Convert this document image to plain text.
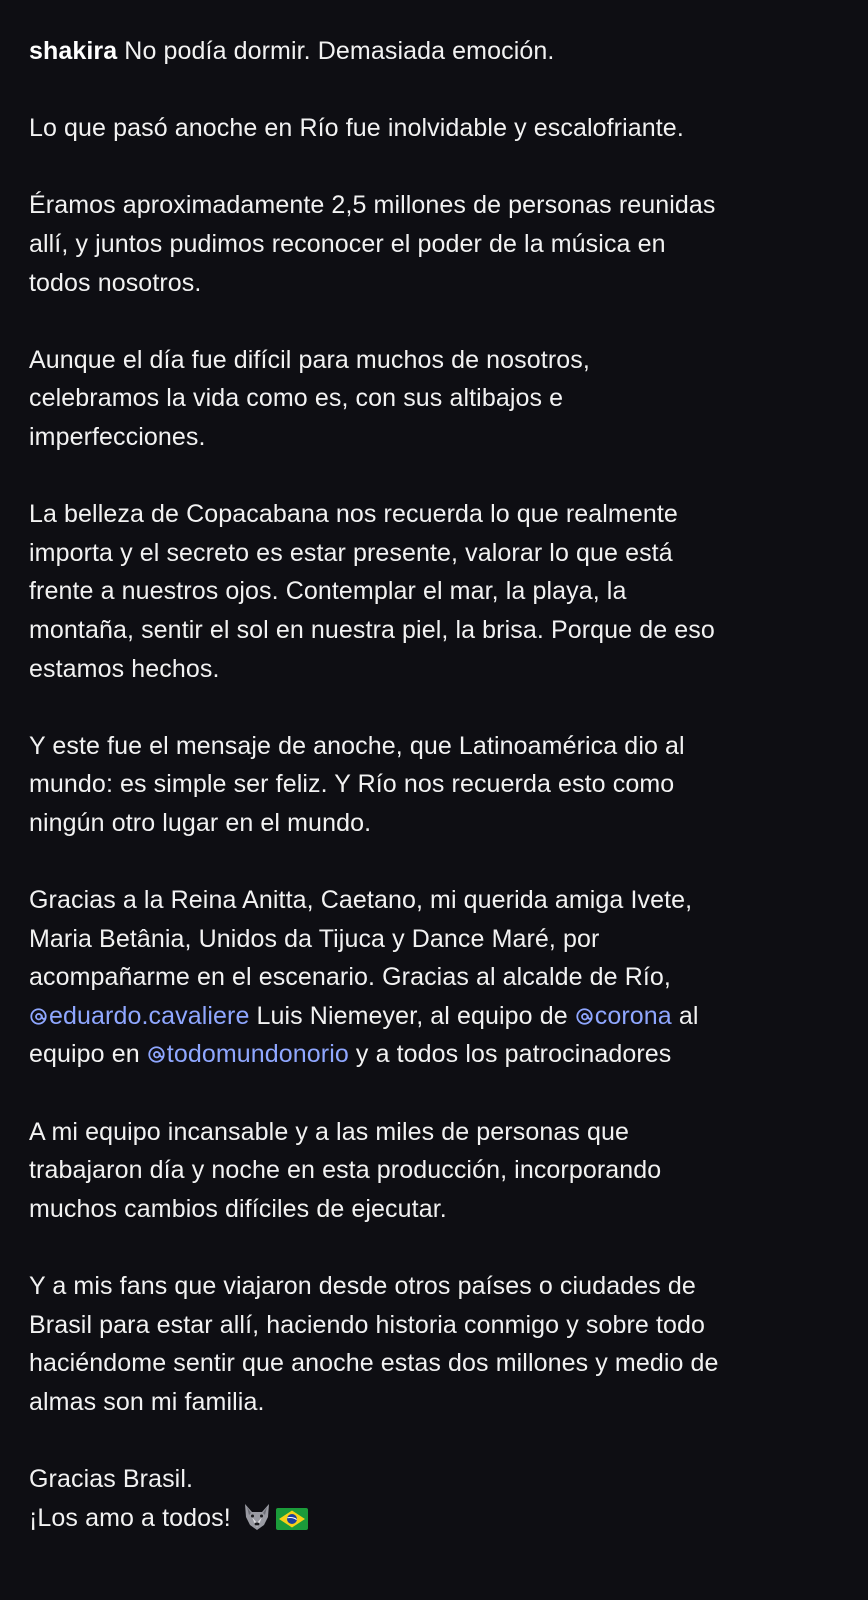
shakira No podía dormir. Demasiada emoción.

Lo que pasó anoche en Río fue inolvidable y escalofriante.

Éramos aproximadamente 2,5 millones de personas reunidas
allí, y juntos pudimos reconocer el poder de la música en
todos nosotros.

Aunque el día fue difícil para muchos de nosotros,
celebramos la vida como es, con sus altibajos e
imperfecciones.

La belleza de Copacabana nos recuerda lo que realmente
importa y el secreto es estar presente, valorar lo que está
frente a nuestros ojos. Contemplar el mar, la playa, la
montaña, sentir el sol en nuestra piel, la brisa. Porque de eso
estamos hechos.

Y este fue el mensaje de anoche, que Latinoamérica dio al
mundo: es simple ser feliz. Y Río nos recuerda esto como
ningún otro lugar en el mundo.

Gracias a la Reina Anitta, Caetano, mi querida amiga Ivete,
Maria Betânia, Unidos da Tijuca y Dance Maré, por
acompañarme en el escenario. Gracias al alcalde de Río,
eduardo.cavaliere Luis Niemeyer, al equipo de
corona al
equipo en
todomundonorio y a todos los patrocinadores

A mi equipo incansable y a las miles de personas que
trabajaron día y noche en esta producción, incorporando
muchos cambios difíciles de ejecutar.

Y a mis fans que viajaron desde otros países o ciudades de
Brasil para estar allí, haciendo historia conmigo y sobre todo
haciéndome sentir que anoche estas dos millones y medio de
almas son mi familia.

Gracias Brasil.
¡Los amo a todos!
